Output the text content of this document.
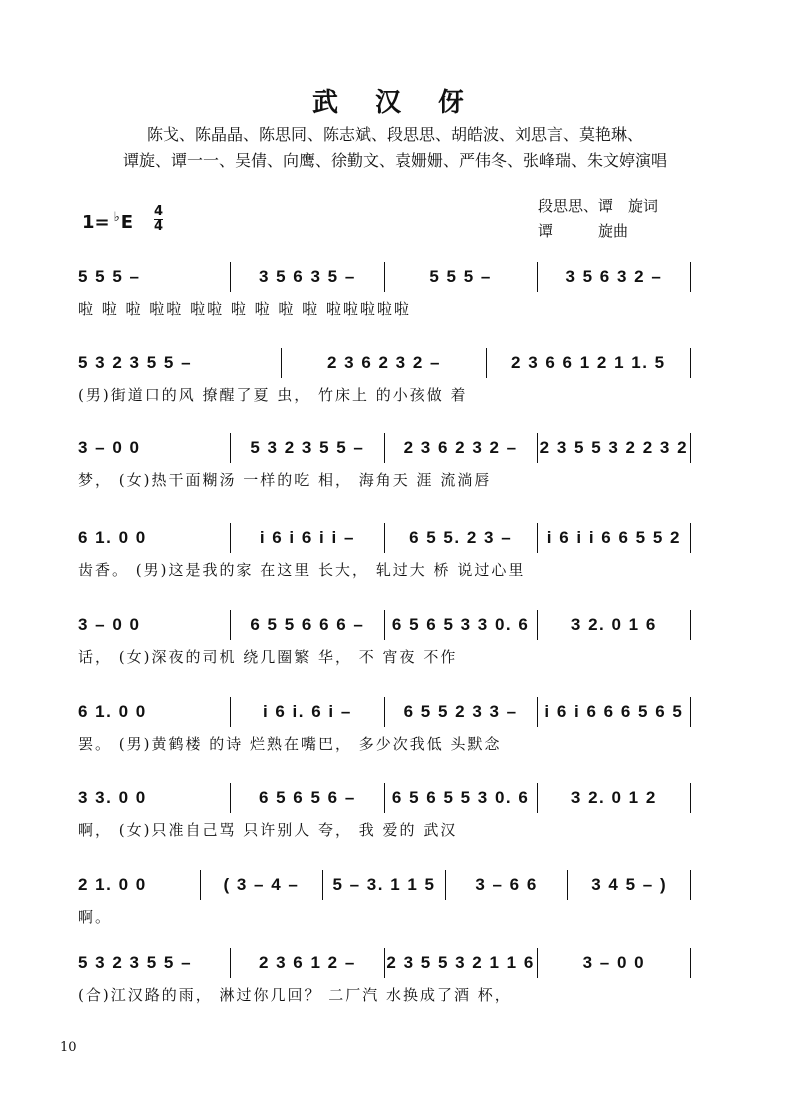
武 汉 伢
陈戈、陈晶晶、陈思同、陈志斌、段思思、胡皓波、刘思言、莫艳琳、
谭旋、谭一一、吴倩、向鹰、徐勤文、袁姗姗、严伟冬、张峰瑞、朱文婷演唱
1= ♭E
4
4
段思思、谭　旋词
谭　　　旋曲
5 5 5 –	3 5 6 3 5 –	5 5 5 –	3 5 6 3 2 –
啦 啦 啦 啦啦 啦啦 啦 啦 啦 啦 啦啦啦啦啦
5 3 2 3 5 5 –	2 3 6 2 3 2 –	2 3 6 6 1 2 1 1. 5
(男)街道口的风 撩醒了夏 虫， 竹床上 的小孩做 着
3 – 0 0	5 3 2 3 5 5 –	2 3 6 2 3 2 –	2 3 5 5 3 2 2 3 2
梦， (女)热干面糊汤 一样的吃 相， 海角天 涯 流淌唇
6 1. 0 0	i 6 i 6 i i –	6 5 5. 2 3 –	i 6 i i 6 6 5 5 2
齿香。 (男)这是我的家 在这里 长大， 轧过大 桥 说过心里
3 – 0 0	6 5 5 6 6 6 –	6 5 6 5 3 3 0. 6	3 2. 0 1 6
话， (女)深夜的司机 绕几圈繁 华， 不 宵夜 不作
6 1. 0 0	i 6 i. 6 i –	6 5 5 2 3 3 –	i 6 i 6 6 6 5 6 5
罢。 (男)黄鹤楼 的诗 烂熟在嘴巴， 多少次我低 头默念
3 3. 0 0	6 5 6 5 6 –	6 5 6 5 5 3 0. 6	3 2. 0 1 2
啊， (女)只准自己骂 只许别人 夸， 我 爱的 武汉
2 1. 0 0	( 3 – 4 –	5 – 3. 1 1 5	3 – 6 6	3 4 5 – )
啊。
5 3 2 3 5 5 –	2 3 6 1 2 –	2 3 5 5 3 2 1 1 6	3 – 0 0
(合)江汉路的雨， 淋过你几回？ 二厂汽 水换成了酒 杯，
10
